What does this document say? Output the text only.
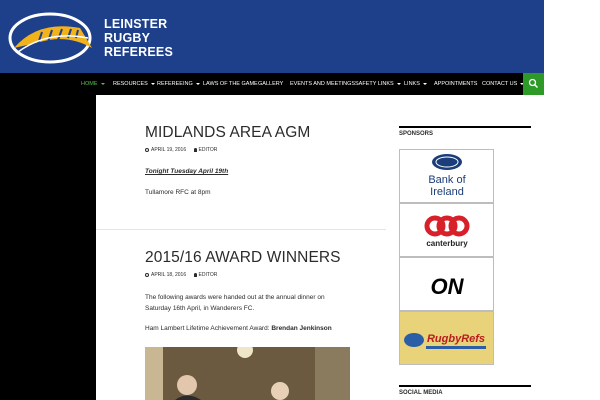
LEINSTER
RUGBY
REFEREES
HOME	RESOURCES	REFEREEING	LAWS OF THE GAME GALLERY EVENTS AND MEETINGS SAFETY LINKS	LINKS	APPOINTMENTS CONTACT US
MIDLANDS AREA AGM
APRIL 19, 2016 EDITOR
Tonight Tuesday April 19th
Tullamore RFC at 8pm
2015/16 AWARD WINNERS
APRIL 18, 2016 EDITOR
The following awards were handed out at the annual dinner on
Saturday 16th April, in Wanderers FC.
Ham Lambert Lifetime Achievement Award: Brendan Jenkinson
SPONSORS
Bank of
Ireland
canterbury
ON
RugbyRefs
SOCIAL MEDIA
